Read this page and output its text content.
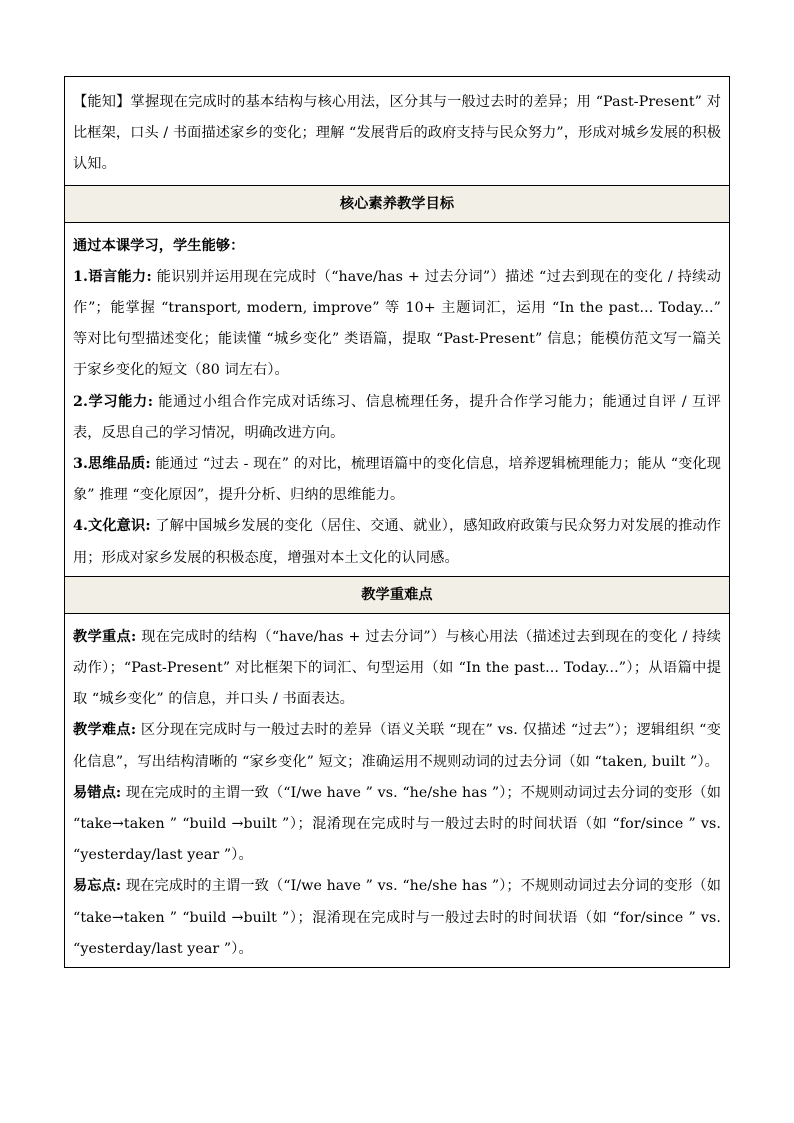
【能知】掌握现在完成时的基本结构与核心用法，区分其与一般过去时的差异；用 “Past-Present” 对比框架，口头 / 书面描述家乡的变化；理解 “发展背后的政府支持与民众努力”，形成对城乡发展的积极认知。

核心素养教学目标

通过本课学习，学生能够：

1.语言能力: 能识别并运用现在完成时（“have/has + 过去分词”）描述 “过去到现在的变化 / 持续动作”；能掌握 “transport, modern, improve” 等 10+ 主题词汇，运用 “In the past... Today...” 等对比句型描述变化；能读懂 “城乡变化” 类语篇，提取 “Past-Present” 信息；能模仿范文写一篇关于家乡变化的短文（80 词左右）。

2.学习能力: 能通过小组合作完成对话练习、信息梳理任务，提升合作学习能力；能通过自评 / 互评表，反思自己的学习情况，明确改进方向。

3.思维品质: 能通过 “过去 - 现在” 的对比，梳理语篇中的变化信息，培养逻辑梳理能力；能从 “变化现象” 推理 “变化原因”，提升分析、归纳的思维能力。

4.文化意识: 了解中国城乡发展的变化（居住、交通、就业），感知政府政策与民众努力对发展的推动作用；形成对家乡发展的积极态度，增强对本土文化的认同感。

教学重难点

教学重点: 现在完成时的结构（“have/has + 过去分词”）与核心用法（描述过去到现在的变化 / 持续动作）；“Past-Present” 对比框架下的词汇、句型运用（如 “In the past... Today...”）；从语篇中提取 “城乡变化” 的信息，并口头 / 书面表达。

教学难点: 区分现在完成时与一般过去时的差异（语义关联 “现在” vs. 仅描述 “过去”）；逻辑组织 “变化信息”，写出结构清晰的 “家乡变化” 短文；准确运用不规则动词的过去分词（如 “taken, built ”）。

易错点: 现在完成时的主谓一致（“I/we have ” vs. “he/she has ”）；不规则动词过去分词的变形（如 “take→taken ” “build →built ”）；混淆现在完成时与一般过去时的时间状语（如 “for/since ” vs. “yesterday/last year ”）。

易忘点: 现在完成时的主谓一致（“I/we have ” vs. “he/she has ”）；不规则动词过去分词的变形（如 “take→taken ” “build →built ”）；混淆现在完成时与一般过去时的时间状语（如 “for/since ” vs. “yesterday/last year ”）。
